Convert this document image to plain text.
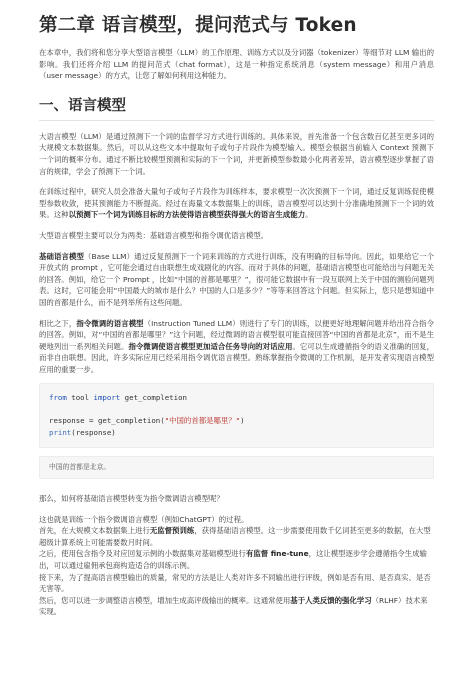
第二章 语言模型，提问范式与 Token

在本章中，我们将和您分享大型语言模型（LLM）的工作原理、训练方式以及分词器（tokenizer）等细节对 LLM 输出的影响。我们还将介绍 LLM 的提问范式（chat format），这是一种指定系统消息（system message）和用户消息（user message）的方式，让您了解如何利用这种能力。

一、语言模型

大语言模型（LLM）是通过预测下一个词的监督学习方式进行训练的。具体来说，首先准备一个包含数百亿甚至更多词的大规模文本数据集。然后，可以从这些文本中提取句子或句子片段作为模型输入。模型会根据当前输入 Context 预测下一个词的概率分布。通过不断比较模型预测和实际的下一个词，并更新模型参数最小化两者差异，语言模型逐步掌握了语言的规律，学会了预测下一个词。

在训练过程中，研究人员会准备大量句子或句子片段作为训练样本，要求模型一次次预测下一个词，通过反复训练促使模型参数收敛，使其预测能力不断提高。经过在海量文本数据集上的训练，语言模型可以达到十分准确地预测下一个词的效果。这种以预测下一个词为训练目标的方法使得语言模型获得强大的语言生成能力。

大型语言模型主要可以分为两类：基础语言模型和指令调优语言模型。

基础语言模型（Base LLM）通过反复预测下一个词来训练的方式进行训练，没有明确的目标导向。因此，如果给它一个开放式的 prompt ，它可能会通过自由联想生成戏剧化的内容。而对于具体的问题，基础语言模型也可能给出与问题无关的回答。例如，给它一个 Prompt ，比如“中国的首都是哪里？”，很可能它数据中有一段互联网上关于中国的测验问题列表。这时，它可能会用“中国最大的城市是什么？中国的人口是多少？”等等来回答这个问题。但实际上，您只是想知道中国的首都是什么，而不是列举所有这些问题。

相比之下，指令微调的语言模型（Instruction Tuned LLM）则进行了专门的训练，以便更好地理解问题并给出符合指令的回答。例如，对“中国的首都是哪里？”这个问题，经过微调的语言模型很可能直接回答“中国的首都是北京”，而不是生硬地列出一系列相关问题。指令微调使语言模型更加适合任务导向的对话应用。它可以生成遵循指令的语义准确的回复，而非自由联想。因此，许多实际应用已经采用指令调优语言模型。熟练掌握指令微调的工作机制，是开发者实现语言模型应用的重要一步。

from tool import get_completion

response = get_completion("中国的首都是哪里？")
print(response)
中国的首都是北京。

那么，如何将基础语言模型转变为指令微调语言模型呢？

这也就是训练一个指令微调语言模型（例如ChatGPT）的过程。

首先，在大规模文本数据集上进行无监督预训练，获得基础语言模型。这一步需要使用数千亿词甚至更多的数据，在大型超级计算系统上可能需要数月时间。

之后，使用包含指令及对应回复示例的小数据集对基础模型进行有监督 fine-tune，这让模型逐步学会遵循指令生成输出，可以通过雇佣承包商构造适合的训练示例。

接下来，为了提高语言模型输出的质量，常见的方法是让人类对许多不同输出进行评级，例如是否有用、是否真实、是否无害等。

然后，您可以进一步调整语言模型，增加生成高评级输出的概率。这通常使用基于人类反馈的强化学习（RLHF）技术来实现。
